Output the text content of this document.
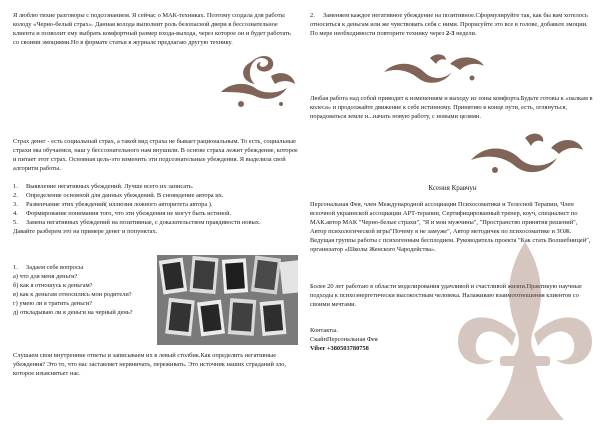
Я люблю тихие разговоры с подсознанием. Я сейчас о МАК-техниках. Поэтому создала для работы колоду «Черно-белый страх». Данная колода выполнит роль безопасной двери в бессознательное клиента и позволит ему выбрать комфортный размер входа-выхода, через которое он и будет работать со своими эмоциями.Но в формате статьи в журнале предлагаю другую технику.

Страх денег - есть социальный страх, а такой вид страха не бывает рациональным. То есть, социальные страхи мы обучаемся, наш у бессознательного нам внушили. В основе страха лежит убеждение, которое и питает этот страх. Основная цель-это изменить эти подсознательные убеждения. Я выделила свой алгоритм работы.

1. Выявление негативных убеждений. Лучше всего их записать.
2. Определение основной для данных убеждений. В сновидение автора их.
3. Развенчание этих убеждений( иллюзия ложного авторитета автора ).
4. Формирование понимания того, что эти убеждения не могут быть истиной.
5. Замена негативных убеждений на позитивные, с доказательством правдивости новых.
Давайте разберем это на примере денег и попунктах.
1. Задаем себе вопросы
а) что для меня деньги?
б) как я отношусь к деньгам?
в) как к деньгам относились мои родители?
г) умею ли я тратить деньги?
д) откладываю ли я деньги на черный день?

Слушаем свои внутренние ответы и записываем их в левый столбик.Как определить негативные убеждения? Это то, что нас заставляет нервничать, переживать. Это источник наших страданий зло, которое изъяснятьет нас.

2. Заменяем каждое негативное убеждение на позитивное.Сформулируйте так, как бы вам хотелось относиться к деньгам или же чувствовать себя с ними. Прорисуйте это все в голове, добавьте эмоции. По мере необходимости повторите технику через 2-3 недели.

Любая работа над собой приводит к изменениям и выходу из зоны комфорта.Будьте готовы к «палкам в колеса» и продолжайте движение к себе истинному. Принятию в конце пути, есть, оглянуться, порадоваться земле и...начать новую работу, с новыми целями.

Ксения Кравчун

Персональная Фея, член Международной ассоциации Психосоматики и Телесной Терапии, Член всеочной украинской ассоциации АРТ-терапии, Сертифицированный тренер, коуч, специалист по МАК.автор МАК "Черно-белые страхи", "Я и мои мужчины", "Пространство принятия решений", Автор психологической игры"Почему я не замуже", Автор методичек по психосоматике и ЗОЖ. Ведущая группы работы с психогенным бесплодием. Руководитель проекта "Как стать Волшебницей", организатор «Школы Женского Чародейства».

Более 20 лет работаю в области моделирования удачливой и счастливой жизни.Практикую научные подходы к психоэнергетически высокостным человека. Налаживаю взаимоотношения клиентов со своими мечтами.

Контакты.
СкайпПерсональная Фея
Viber +380503780758
